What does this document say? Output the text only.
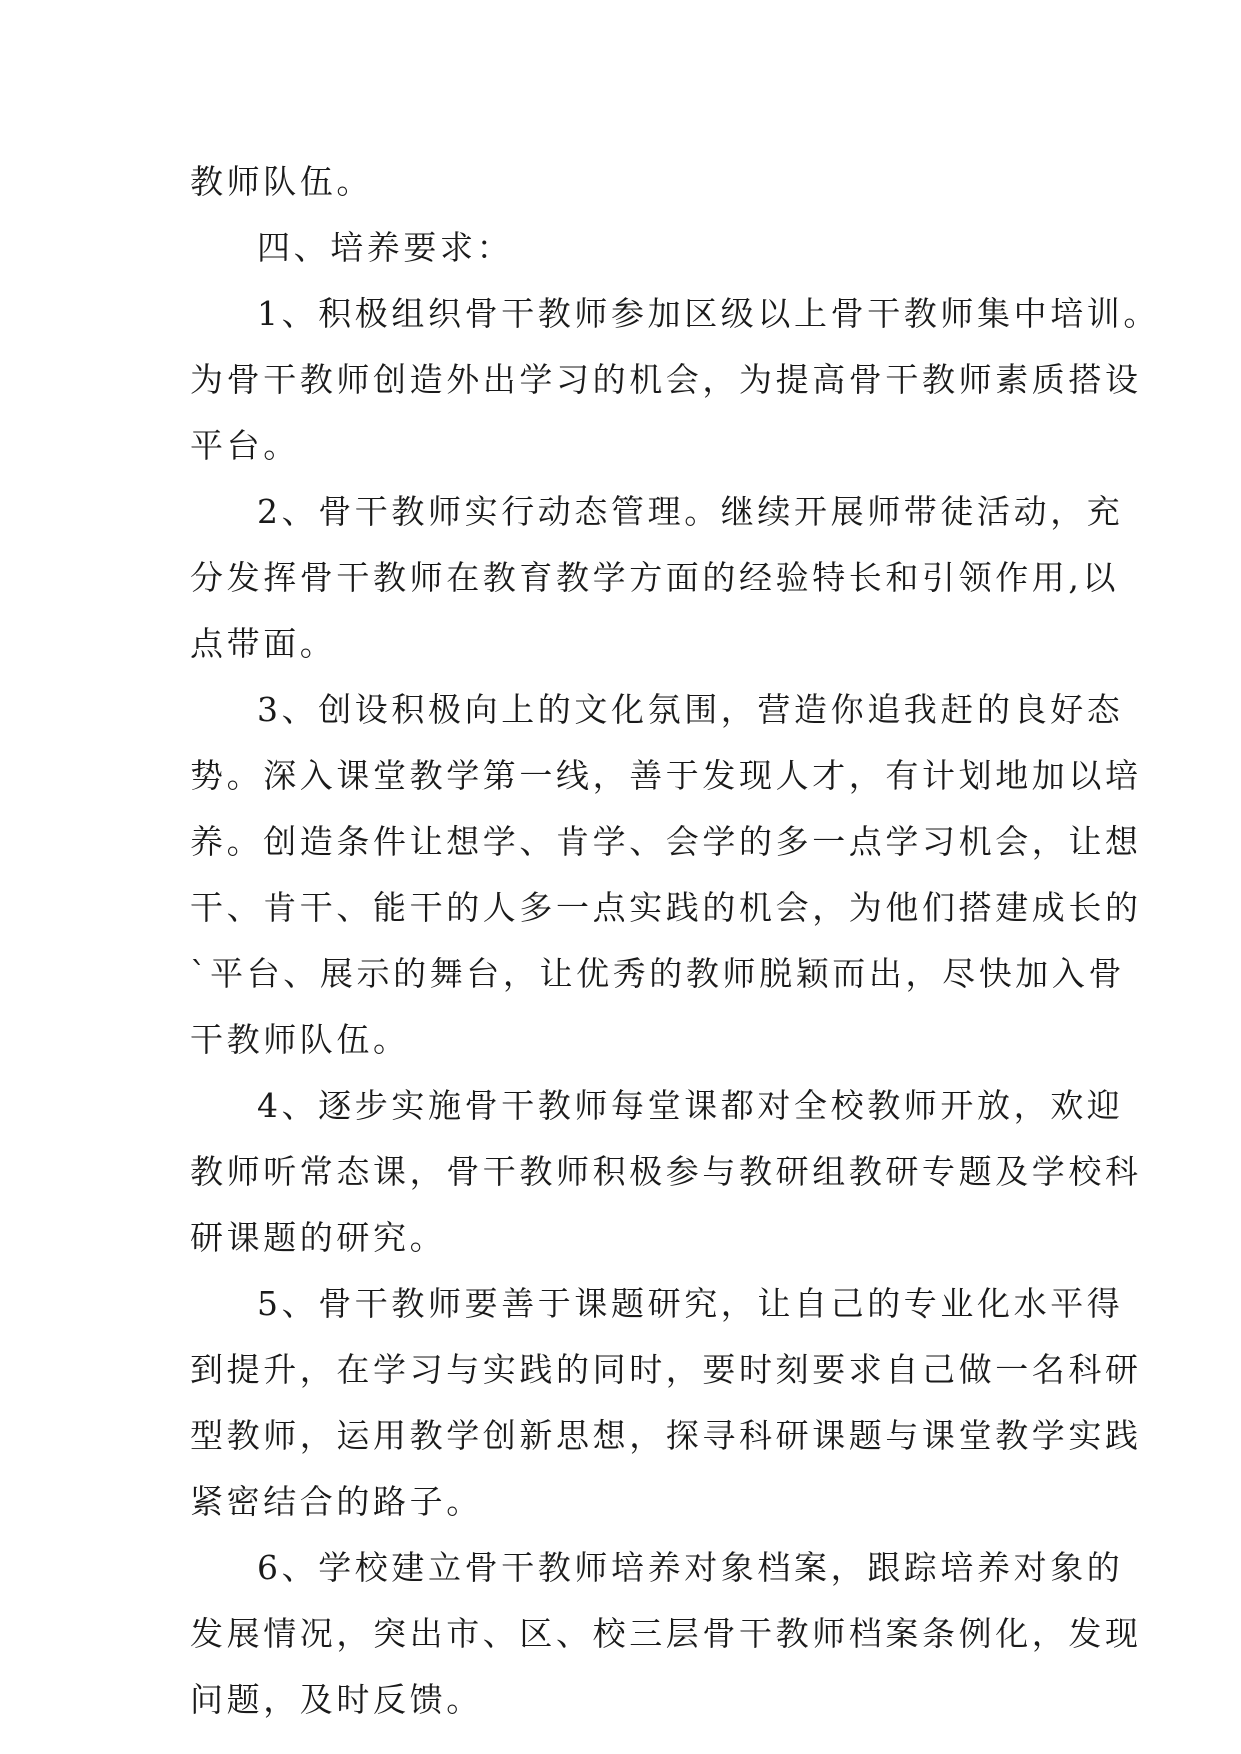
教师队伍。
四、培养要求：
1、积极组织骨干教师参加区级以上骨干教师集中培训。
为骨干教师创造外出学习的机会，为提高骨干教师素质搭设
平台。
2、骨干教师实行动态管理。继续开展师带徒活动，充
分发挥骨干教师在教育教学方面的经验特长和引领作用,以
点带面。
3、创设积极向上的文化氛围，营造你追我赶的良好态
势。深入课堂教学第一线，善于发现人才，有计划地加以培
养。创造条件让想学、肯学、会学的多一点学习机会，让想
干、肯干、能干的人多一点实践的机会，为他们搭建成长的
`平台、展示的舞台，让优秀的教师脱颖而出，尽快加入骨
干教师队伍。
4、逐步实施骨干教师每堂课都对全校教师开放，欢迎
教师听常态课，骨干教师积极参与教研组教研专题及学校科
研课题的研究。
5、骨干教师要善于课题研究，让自己的专业化水平得
到提升，在学习与实践的同时，要时刻要求自己做一名科研
型教师，运用教学创新思想，探寻科研课题与课堂教学实践
紧密结合的路子。
6、学校建立骨干教师培养对象档案，跟踪培养对象的
发展情况，突出市、区、校三层骨干教师档案条例化，发现
问题，及时反馈。
